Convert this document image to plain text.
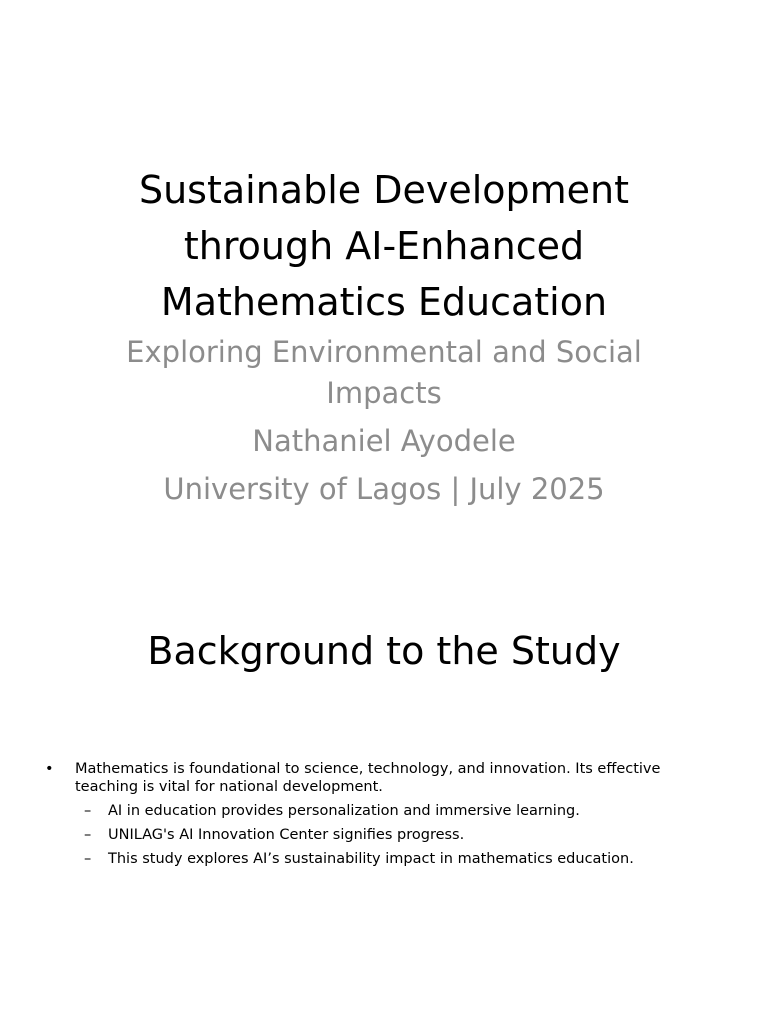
Sustainable Development through AI-Enhanced Mathematics Education

Exploring Environmental and Social Impacts

Nathaniel Ayodele

University of Lagos | July 2025

Background to the Study
• Mathematics is foundational to science, technology, and innovation. Its effective teaching is vital for national development.
– AI in education provides personalization and immersive learning.
– UNILAG's AI Innovation Center signifies progress.
– This study explores AI’s sustainability impact in mathematics education.
